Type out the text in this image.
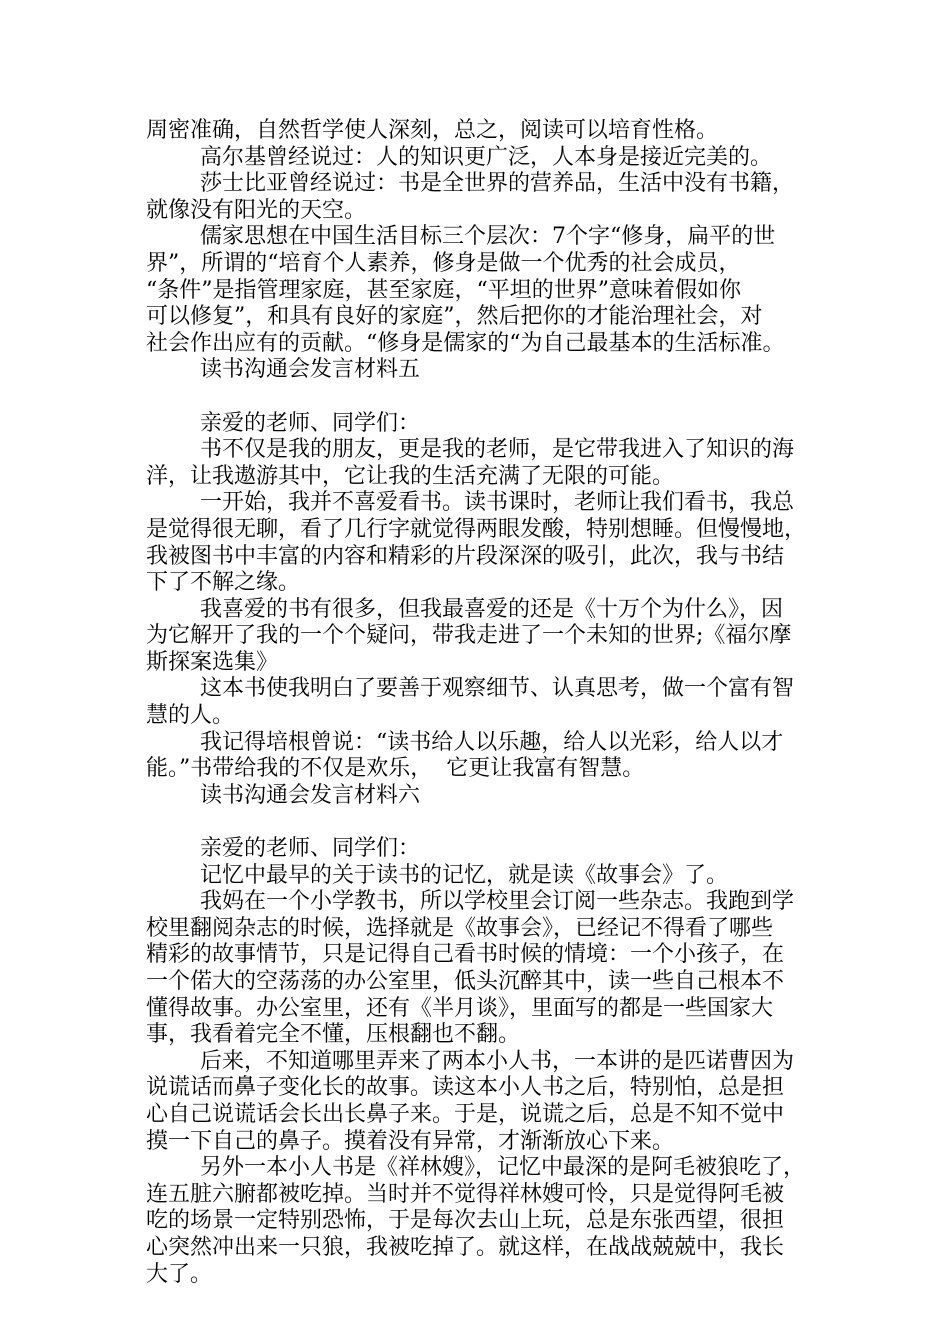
周密准确，自然哲学使人深刻，总之，阅读可以培育性格。
高尔基曾经说过：人的知识更广泛，人本身是接近完美的。
莎士比亚曾经说过：书是全世界的营养品，生活中没有书籍，
就像没有阳光的天空。
儒家思想在中国生活目标三个层次：7个字“修身，扁平的世
界”，所谓的“培育个人素养，修身是做一个优秀的社会成员，
“条件”是指管理家庭，甚至家庭，“平坦的世界”意味着假如你
可以修复”，和具有良好的家庭”，然后把你的才能治理社会，对
社会作出应有的贡献。“修身是儒家的“为自己最基本的生活标准。
读书沟通会发言材料五
亲爱的老师、同学们：
书不仅是我的朋友，更是我的老师，是它带我进入了知识的海
洋，让我遨游其中，它让我的生活充满了无限的可能。
一开始，我并不喜爱看书。读书课时，老师让我们看书，我总
是觉得很无聊，看了几行字就觉得两眼发酸，特别想睡。但慢慢地，
我被图书中丰富的内容和精彩的片段深深的吸引，此次，我与书结
下了不解之缘。
我喜爱的书有很多，但我最喜爱的还是《十万个为什么》，因
为它解开了我的一个个疑问，带我走进了一个未知的世界;《福尔摩
斯探案选集》
这本书使我明白了要善于观察细节、认真思考，做一个富有智
慧的人。
我记得培根曾说：“读书给人以乐趣，给人以光彩，给人以才
能。”书带给我的不仅是欢乐，  它更让我富有智慧。
读书沟通会发言材料六
亲爱的老师、同学们：
记忆中最早的关于读书的记忆，就是读《故事会》了。
我妈在一个小学教书，所以学校里会订阅一些杂志。我跑到学
校里翻阅杂志的时候，选择就是《故事会》，已经记不得看了哪些
精彩的故事情节，只是记得自己看书时候的情境：一个小孩子，在
一个偌大的空荡荡的办公室里，低头沉醉其中，读一些自己根本不
懂得故事。办公室里，还有《半月谈》，里面写的都是一些国家大
事，我看着完全不懂，压根翻也不翻。
后来，不知道哪里弄来了两本小人书，一本讲的是匹诺曹因为
说谎话而鼻子变化长的故事。读这本小人书之后，特别怕，总是担
心自己说谎话会长出长鼻子来。于是，说谎之后，总是不知不觉中
摸一下自己的鼻子。摸着没有异常，才渐渐放心下来。
另外一本小人书是《祥林嫂》，记忆中最深的是阿毛被狼吃了，
连五脏六腑都被吃掉。当时并不觉得祥林嫂可怜，只是觉得阿毛被
吃的场景一定特别恐怖，于是每次去山上玩，总是东张西望，很担
心突然冲出来一只狼，我被吃掉了。就这样，在战战兢兢中，我长
大了。
